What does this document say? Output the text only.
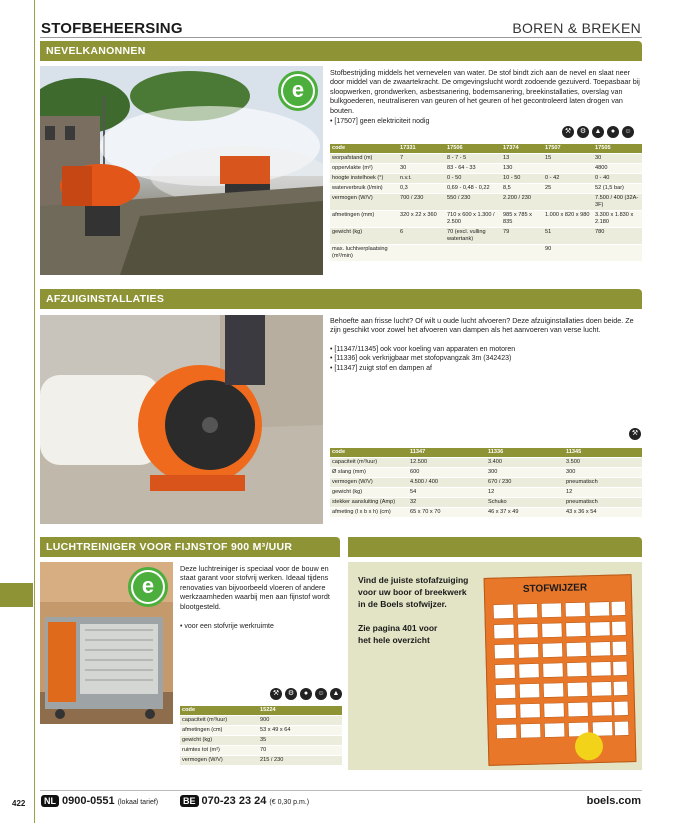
STOFBEHEERSING	BOREN & BREKEN
NEVELKANONNEN
e
Stofbestrijding middels het vernevelen van water. De stof bindt zich aan de nevel en slaat neer door middel van de zwaartekracht. De omgevingslucht wordt zodoende gezuiverd. Toepasbaar bij sloopwerken, grondwerken, asbestsanering, bodemsanering, breekinstallaties, overslag van bulkgoederen, neutraliseren van geuren of het geuren of het gecontroleerd laten drogen van bouten.
• [17507] geen elektriciteit nodig
⚒	⚙	▲	●	☺
code	17331	17506	17374	17507	17505
worpafstand (m)	7	8 - 7 - 5	13	15	30
oppervlakte (m²)	30	83 - 64 - 33	130		4800
hoogte instelhoek (°)	n.v.t.	0 - 50	10 - 50	0 - 42	0 - 40
waterverbruik (l/min)	0,3	0,69 - 0,48 - 0,22	8,5	25	52 (1,5 bar)
vermogen (W/V)	700 / 230	550 / 230	2.200 / 230		7.500 / 400 (32A-3F)
afmetingen (mm)	320 x 22 x 360	710 x 600 x 1.300 / 2.500	985 x 785 x 835	1.000 x 820 x 980	3.300 x 1.830 x 2.180
gewicht (kg)	6	70 (excl. vulling watertank)	79	51	780
max. luchtverplaatsing (m³/min)				90	
AFZUIGINSTALLATIES
Behoefte aan frisse lucht? Of wilt u oude lucht afvoeren? Deze afzuiginstallaties doen beide. Ze zijn geschikt voor zowel het afvoeren van dampen als het aanvoeren van verse lucht.
• [11347/11345] ook voor koeling van apparaten en motoren
• [11336] ook verkrijgbaar met stofopvangzak 3m (342423)
• [11347] zuigt stof en dampen af
⚒
code	11347	11336	11345
capaciteit (m³/uur)	12.500	3.400	3.500
Ø slang (mm)	600	300	300
vermogen (W/V)	4.500 / 400	670 / 230	pneumatisch
gewicht (kg)	54	12	12
stekker aansluiting (Amp)	32	Schuko	pneumatisch
afmeting (l x b x h) (cm)	65 x 70 x 70	46 x 37 x 49	43 x 36 x 54
LUCHTREINIGER VOOR FIJNSTOF 900 M³/UUR
e
Deze luchtreiniger is speciaal voor de bouw en staat garant voor stofvrij werken. Ideaal tijdens renovaties van bijvoorbeeld vloeren of andere werkzaamheden waarbij men aan fijnstof wordt blootgesteld.
• voor een stofvrije werkruimte
⚒	⚙	●	☺	▲
code	15224
capaciteit (m³/uur)	900
afmetingen (cm)	53 x 49 x 64
gewicht (kg)	35
ruimtes tot (m²)	70
vermogen (W/V)	215 / 230

Vind de juiste stofafzuiging

voor uw boor of breekwerk

in de Boels stofwijzer.

Zie pagina 401 voor

het hele overzicht

STOFWIJZER
422	NL 0900-0551 (lokaal tarief)	BE 070-23 23 24 (€ 0,30 p.m.)	boels.com
